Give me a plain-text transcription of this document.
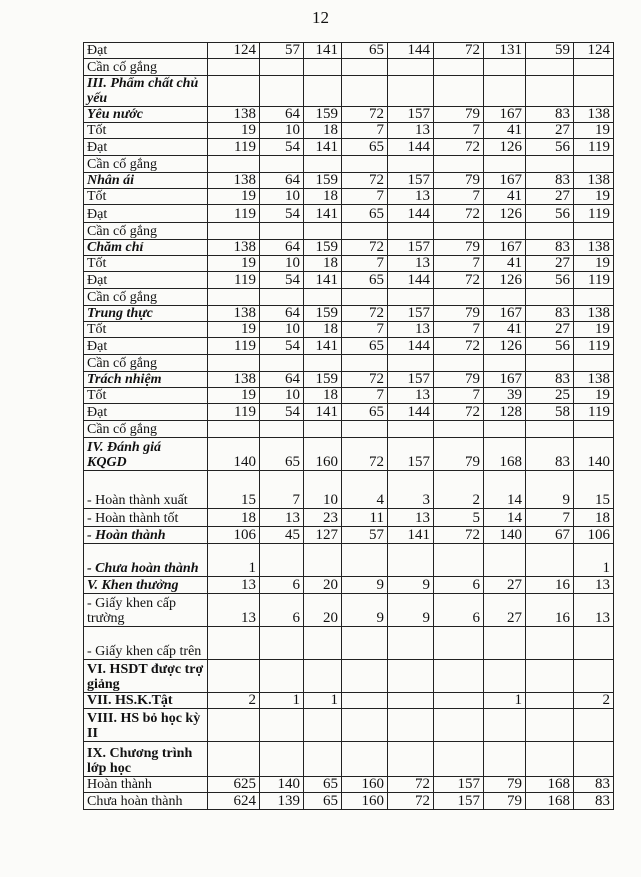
12
Đạt	124	57	141	65	144	72	131	59	124
Cần cố gắng									
III. Phẩm chất chủ yếu									
Yêu nước	138	64	159	72	157	79	167	83	138
Tốt	19	10	18	7	13	7	41	27	19
Đạt	119	54	141	65	144	72	126	56	119
Cần cố gắng									
Nhân ái	138	64	159	72	157	79	167	83	138
Tốt	19	10	18	7	13	7	41	27	19
Đạt	119	54	141	65	144	72	126	56	119
Cần cố gắng									
Chăm chỉ	138	64	159	72	157	79	167	83	138
Tốt	19	10	18	7	13	7	41	27	19
Đạt	119	54	141	65	144	72	126	56	119
Cần cố gắng									
Trung thực	138	64	159	72	157	79	167	83	138
Tốt	19	10	18	7	13	7	41	27	19
Đạt	119	54	141	65	144	72	126	56	119
Cần cố gắng									
Trách nhiệm	138	64	159	72	157	79	167	83	138
Tốt	19	10	18	7	13	7	39	25	19
Đạt	119	54	141	65	144	72	128	58	119
Cần cố gắng									
IV. Đánh giá KQGD	140	65	160	72	157	79	168	83	140
- Hoàn thành xuất	15	7	10	4	3	2	14	9	15
- Hoàn thành tốt	18	13	23	11	13	5	14	7	18
- Hoàn thành	106	45	127	57	141	72	140	67	106
- Chưa hoàn thành	1								1
V. Khen thưởng	13	6	20	9	9	6	27	16	13
- Giấy khen cấp trường	13	6	20	9	9	6	27	16	13
- Giấy khen cấp trên									
VI. HSDT được trợ giảng									
VII. HS.K.Tật	2	1	1				1		2
VIII. HS bỏ học kỳ II									
IX. Chương trình lớp học									
Hoàn thành	625	140	65	160	72	157	79	168	83
Chưa hoàn thành	624	139	65	160	72	157	79	168	83
